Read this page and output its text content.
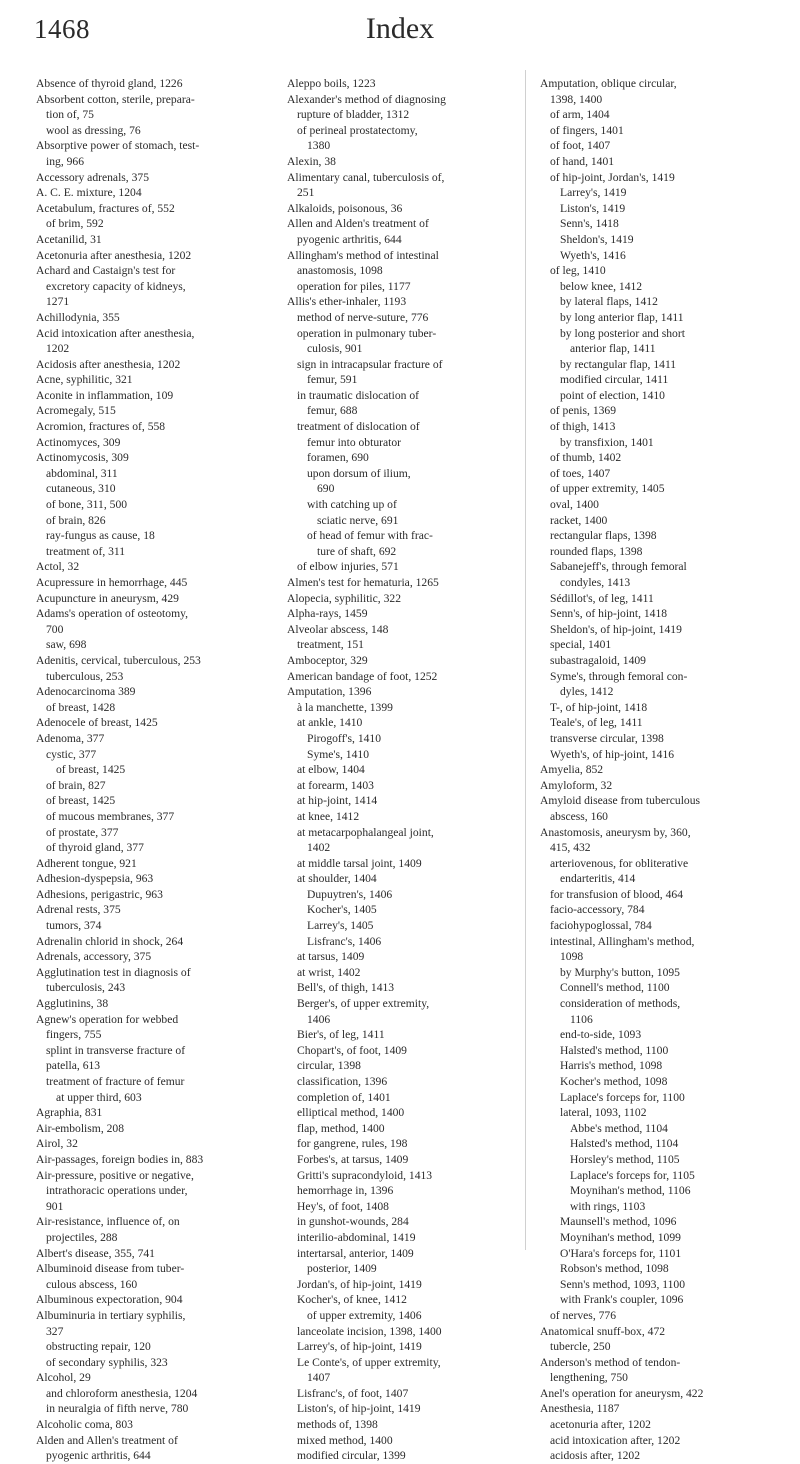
1468	Index
Absence of thyroid gland, 1226
Absorbent cotton, sterile, prepara-
tion of, 75
wool as dressing, 76
Absorptive power of stomach, test-
ing, 966
Accessory adrenals, 375
A. C. E. mixture, 1204
Acetabulum, fractures of, 552
of brim, 592
Acetanilid, 31
Acetonuria after anesthesia, 1202
Achard and Castaign's test for
excretory capacity of kidneys,
1271
Achillodynia, 355
Acid intoxication after anesthesia,
1202
Acidosis after anesthesia, 1202
Acne, syphilitic, 321
Aconite in inflammation, 109
Acromegaly, 515
Acromion, fractures of, 558
Actinomyces, 309
Actinomycosis, 309
abdominal, 311
cutaneous, 310
of bone, 311, 500
of brain, 826
ray-fungus as cause, 18
treatment of, 311
Actol, 32
Acupressure in hemorrhage, 445
Acupuncture in aneurysm, 429
Adams's operation of osteotomy,
700
saw, 698
Adenitis, cervical, tuberculous, 253
tuberculous, 253
Adenocarcinoma 389
of breast, 1428
Adenocele of breast, 1425
Adenoma, 377
cystic, 377
of breast, 1425
of brain, 827
of breast, 1425
of mucous membranes, 377
of prostate, 377
of thyroid gland, 377
Adherent tongue, 921
Adhesion-dyspepsia, 963
Adhesions, perigastric, 963
Adrenal rests, 375
tumors, 374
Adrenalin chlorid in shock, 264
Adrenals, accessory, 375
Agglutination test in diagnosis of
tuberculosis, 243
Agglutinins, 38
Agnew's operation for webbed
fingers, 755
splint in transverse fracture of
patella, 613
treatment of fracture of femur
at upper third, 603
Agraphia, 831
Air-embolism, 208
Airol, 32
Air-passages, foreign bodies in, 883
Air-pressure, positive or negative,
intrathoracic operations under,
901
Air-resistance, influence of, on
projectiles, 288
Albert's disease, 355, 741
Albuminoid disease from tuber-
culous abscess, 160
Albuminous expectoration, 904
Albuminuria in tertiary syphilis,
327
obstructing repair, 120
of secondary syphilis, 323
Alcohol, 29
and chloroform anesthesia, 1204
in neuralgia of fifth nerve, 780
Alcoholic coma, 803
Alden and Allen's treatment of
pyogenic arthritis, 644
Aleppo boils, 1223
Alexander's method of diagnosing
rupture of bladder, 1312
of perineal prostatectomy,
1380
Alexin, 38
Alimentary canal, tuberculosis of,
251
Alkaloids, poisonous, 36
Allen and Alden's treatment of
pyogenic arthritis, 644
Allingham's method of intestinal
anastomosis, 1098
operation for piles, 1177
Allis's ether-inhaler, 1193
method of nerve-suture, 776
operation in pulmonary tuber-
culosis, 901
sign in intracapsular fracture of
femur, 591
in traumatic dislocation of
femur, 688
treatment of dislocation of
femur into obturator
foramen, 690
upon dorsum of ilium,
690
with catching up of
sciatic nerve, 691
of head of femur with frac-
ture of shaft, 692
of elbow injuries, 571
Almen's test for hematuria, 1265
Alopecia, syphilitic, 322
Alpha-rays, 1459
Alveolar abscess, 148
treatment, 151
Amboceptor, 329
American bandage of foot, 1252
Amputation, 1396
à la manchette, 1399
at ankle, 1410
Pirogoff's, 1410
Syme's, 1410
at elbow, 1404
at forearm, 1403
at hip-joint, 1414
at knee, 1412
at metacarpophalangeal joint,
1402
at middle tarsal joint, 1409
at shoulder, 1404
Dupuytren's, 1406
Kocher's, 1405
Larrey's, 1405
Lisfranc's, 1406
at tarsus, 1409
at wrist, 1402
Bell's, of thigh, 1413
Berger's, of upper extremity,
1406
Bier's, of leg, 1411
Chopart's, of foot, 1409
circular, 1398
classification, 1396
completion of, 1401
elliptical method, 1400
flap, method, 1400
for gangrene, rules, 198
Forbes's, at tarsus, 1409
Gritti's supracondyloid, 1413
hemorrhage in, 1396
Hey's, of foot, 1408
in gunshot-wounds, 284
interilio-abdominal, 1419
intertarsal, anterior, 1409
posterior, 1409
Jordan's, of hip-joint, 1419
Kocher's, of knee, 1412
of upper extremity, 1406
lanceolate incision, 1398, 1400
Larrey's, of hip-joint, 1419
Le Conte's, of upper extremity,
1407
Lisfranc's, of foot, 1407
Liston's, of hip-joint, 1419
methods of, 1398
mixed method, 1400
modified circular, 1399
Amputation, oblique circular,
1398, 1400
of arm, 1404
of fingers, 1401
of foot, 1407
of hand, 1401
of hip-joint, Jordan's, 1419
Larrey's, 1419
Liston's, 1419
Senn's, 1418
Sheldon's, 1419
Wyeth's, 1416
of leg, 1410
below knee, 1412
by lateral flaps, 1412
by long anterior flap, 1411
by long posterior and short
anterior flap, 1411
by rectangular flap, 1411
modified circular, 1411
point of election, 1410
of penis, 1369
of thigh, 1413
by transfixion, 1401
of thumb, 1402
of toes, 1407
of upper extremity, 1405
oval, 1400
racket, 1400
rectangular flaps, 1398
rounded flaps, 1398
Sabanejeff's, through femoral
condyles, 1413
Sédillot's, of leg, 1411
Senn's, of hip-joint, 1418
Sheldon's, of hip-joint, 1419
special, 1401
subastragaloid, 1409
Syme's, through femoral con-
dyles, 1412
T-, of hip-joint, 1418
Teale's, of leg, 1411
transverse circular, 1398
Wyeth's, of hip-joint, 1416
Amyelia, 852
Amyloform, 32
Amyloid disease from tuberculous
abscess, 160
Anastomosis, aneurysm by, 360,
415, 432
arteriovenous, for obliterative
endarteritis, 414
for transfusion of blood, 464
facio-accessory, 784
faciohypoglossal, 784
intestinal, Allingham's method,
1098
by Murphy's button, 1095
Connell's method, 1100
consideration of methods,
1106
end-to-side, 1093
Halsted's method, 1100
Harris's method, 1098
Kocher's method, 1098
Laplace's forceps for, 1100
lateral, 1093, 1102
Abbe's method, 1104
Halsted's method, 1104
Horsley's method, 1105
Laplace's forceps for, 1105
Moynihan's method, 1106
with rings, 1103
Maunsell's method, 1096
Moynihan's method, 1099
O'Hara's forceps for, 1101
Robson's method, 1098
Senn's method, 1093, 1100
with Frank's coupler, 1096
of nerves, 776
Anatomical snuff-box, 472
tubercle, 250
Anderson's method of tendon-
lengthening, 750
Anel's operation for aneurysm, 422
Anesthesia, 1187
acetonuria after, 1202
acid intoxication after, 1202
acidosis after, 1202
